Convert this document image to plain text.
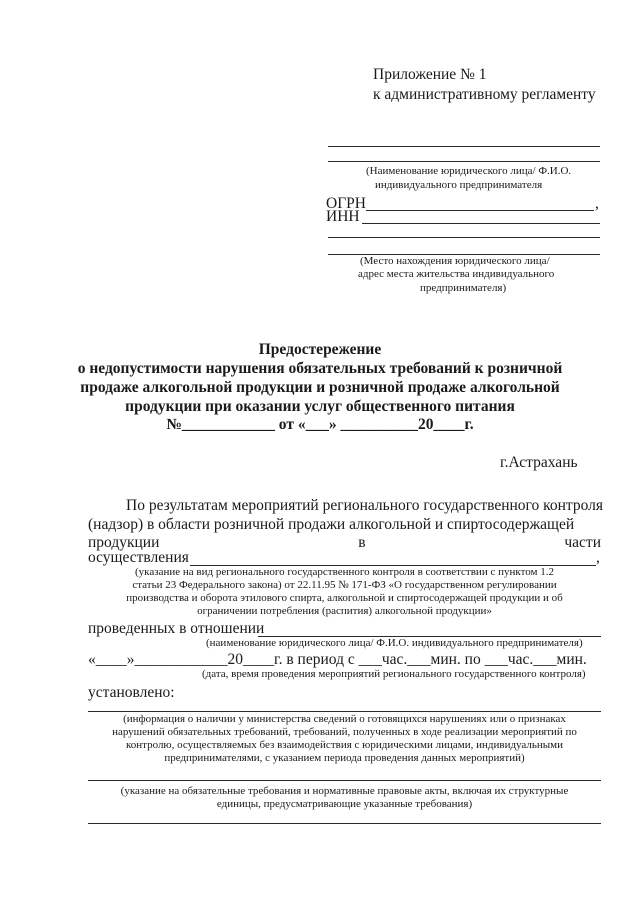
Приложение № 1
к административному регламенту
(Наименование юридического лица/ Ф.И.О.
индивидуального предпринимателя
ОГРН	,
ИНН
(Место нахождения юридического лица/
адрес места жительства индивидуального
предпринимателя)
Предостережение
о недопустимости нарушения обязательных требований к розничной
продаже алкогольной продукции и розничной продаже алкогольной
продукции при оказании услуг общественного питания
№____________ от «___» __________20____г.
г.Астрахань
По результатам мероприятий регионального государственного контроля
(надзор) в области розничной продажи алкогольной и спиртосодержащей
продукции	в	части
осуществления	,
(указание на вид регионального государственного контроля в соответствии с пунктом 1.2
статьи 23 Федерального закона) от 22.11.95 № 171-ФЗ «О государственном регулировании
производства и оборота этилового спирта, алкогольной и спиртосодержащей продукции и об
ограничении потребления (распития) алкогольной продукции»
проведенных в отношении
(наименование юридического лица/ Ф.И.О. индивидуального предпринимателя)
«____»____________20____г. в период с ___час.___мин. по ___час.___мин.
(дата, время проведения мероприятий регионального государственного контроля)
установлено:
(информация о наличии у министерства сведений о готовящихся нарушениях или о признаках
нарушений обязательных требований, требований, полученных в ходе реализации мероприятий по
контролю, осуществляемых без взаимодействия с юридическими лицами, индивидуальными
предпринимателями, с указанием периода проведения данных мероприятий)
(указание на обязательные требования и нормативные правовые акты, включая их структурные
единицы, предусматривающие указанные требования)
